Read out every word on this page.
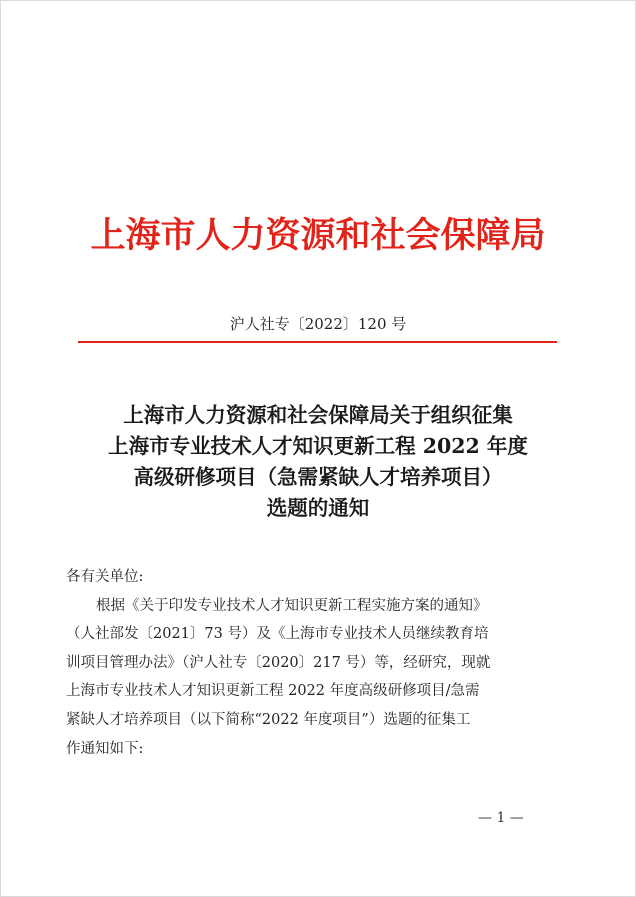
上海市人力资源和社会保障局
沪人社专〔2022〕120 号
上海市人力资源和社会保障局关于组织征集
上海市专业技术人才知识更新工程 2022 年度
高级研修项目（急需紧缺人才培养项目）
选题的通知
各有关单位:
根据《关于印发专业技术人才知识更新工程实施方案的通知》
（人社部发〔2021〕73 号）及《上海市专业技术人员继续教育培
训项目管理办法》（沪人社专〔2020〕217 号）等，经研究，现就
上海市专业技术人才知识更新工程 2022 年度高级研修项目/急需
紧缺人才培养项目（以下简称“2022 年度项目”）选题的征集工
作通知如下:
— 1 —
